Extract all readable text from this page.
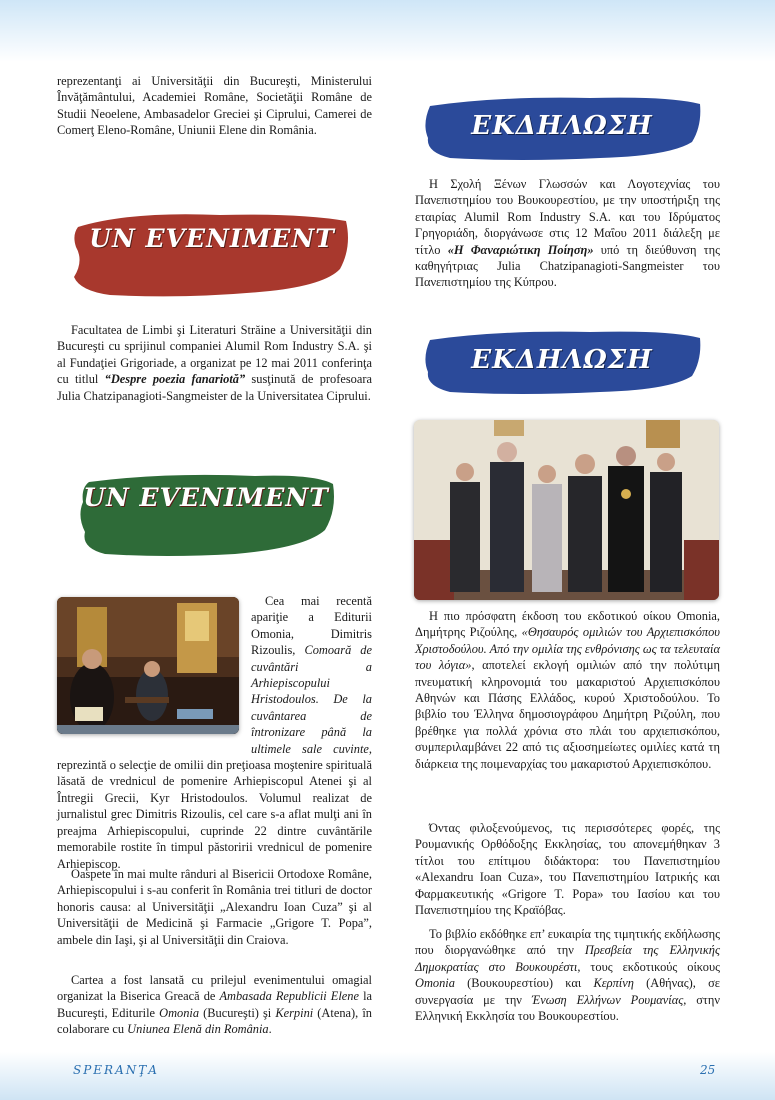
reprezentanţi ai Universităţii din Bucureşti, Ministerului Învăţământului, Academiei Române, Societăţii Române de Studii Neoelene, Ambasadelor Greciei şi Ciprului, Camerei de Comerţ Eleno-Române, Uniunii Elene din România.

UN EVENIMENT

Facultatea de Limbi şi Literaturi Străine a Universităţii din Bucureşti cu sprijinul companiei Alumil Rom Industry S.A. şi al Fundaţiei Grigoriade, a organizat pe 12 mai 2011 conferinţa cu titlul “Despre poezia fanariotă” susţinută de profesoara Julia Chatzipanagioti-Sangmeister de la Universitatea Ciprului.

UN EVENIMENT

Cea mai recentă apariţie a Editurii Omonia, Dimitris Rizoulis, Comoară de cuvântări a Arhiepiscopului Hristodoulos. De la cuvântarea de întronizare până la ultimele sale cuvinte, reprezintă o selecţie de omilii din preţioasa moştenire spirituală lăsată de vrednicul de pomenire Arhiepiscopul Atenei şi al Întregii Grecii, Kyr Hristodoulos. Volumul realizat de jurnalistul grec Dimitris Rizoulis, cel care s-a aflat mulţi ani în preajma Arhiepiscopului, cuprinde 22 dintre cuvântările memorabile rostite în timpul păstoririi vrednicul de pomenire Arhiepiscop.

Oaspete în mai multe rânduri al Bisericii Ortodoxe Române, Arhiepiscopului i s-au conferit în România trei titluri de doctor honoris causa: al Universităţii „Alexandru Ioan Cuza” şi al Universităţii de Medicină şi Farmacie „Grigore T. Popa”, ambele din Iaşi, şi al Universităţii din Craiova.

Cartea a fost lansată cu prilejul evenimentului omagial organizat la Biserica Greacă de Ambasada Republicii Elene la Bucureşti, Editurile Omonia (Bucureşti) şi Kerpini (Atena), în colaborare cu Uniunea Elenă din România.

ΕΚΔΗΛΩΣΗ

Η Σχολή Ξένων Γλωσσών και Λογοτεχνίας του Πανεπιστημίου του Βουκουρεστίου, με την υποστήριξη της εταιρίας Alumil Rom Industry S.A. και του Ιδρύματος Γρηγοριάδη, διοργάνωσε στις 12 Μαΐου 2011 διάλεξη με τίτλο «Η Φαναριώτικη Ποίηση» υπό τη διεύθυνση της καθηγήτριας Julia Chatzipanagioti-Sangmeister του Πανεπιστημίου της Κύπρου.

ΕΚΔΗΛΩΣΗ

Η πιο πρόσφατη έκδοση του εκδοτικού οίκου Omonia, Δημήτρης Ριζούλης, «Θησαυρός ομιλιών του Αρχιεπισκόπου Χριστοδούλου. Από την ομιλία της ενθρόνισης ως τα τελευταία του λόγια», αποτελεί εκλογή ομιλιών από την πολύτιμη πνευματική κληρονομιά του μακαριστού Αρχιεπισκόπου Αθηνών και Πάσης Ελλάδος, κυρού Χριστοδούλου. Το βιβλίο του Έλληνα δημοσιογράφου Δημήτρη Ριζούλη, που βρέθηκε για πολλά χρόνια στο πλάι του αρχιεπισκόπου, συμπεριλαμβάνει 22 από τις αξιοσημείωτες ομιλίες κατά τη διάρκεια της ποιμεναρχίας του μακαριστού Αρχιεπισκόπου.

Όντας φιλοξενούμενος, τις περισσότερες φορές, της Ρουμανικής Ορθόδοξης Εκκλησίας, του απονεμήθηκαν 3 τίτλοι του επίτιμου διδάκτορα: του Πανεπιστημίου «Alexandru Ioan Cuza», του Πανεπιστημίου Ιατρικής και Φαρμακευτικής «Grigore T. Popa» του Ιασίου και του Πανεπιστημίου της Κραϊόβας.

Το βιβλίο εκδόθηκε επ’ ευκαιρία της τιμητικής εκδήλωσης που διοργανώθηκε από την Πρεσβεία της Ελληνικής Δημοκρατίας στο Βουκουρέστι, τους εκδοτικούς οίκους Omonia (Βουκουρεστίου) και Κερπίνη (Αθήνας), σε συνεργασία με την Ένωση Ελλήνων Ρουμανίας, στην Ελληνική Εκκλησία του Βουκουρεστίου.

SPERANŢA	25
